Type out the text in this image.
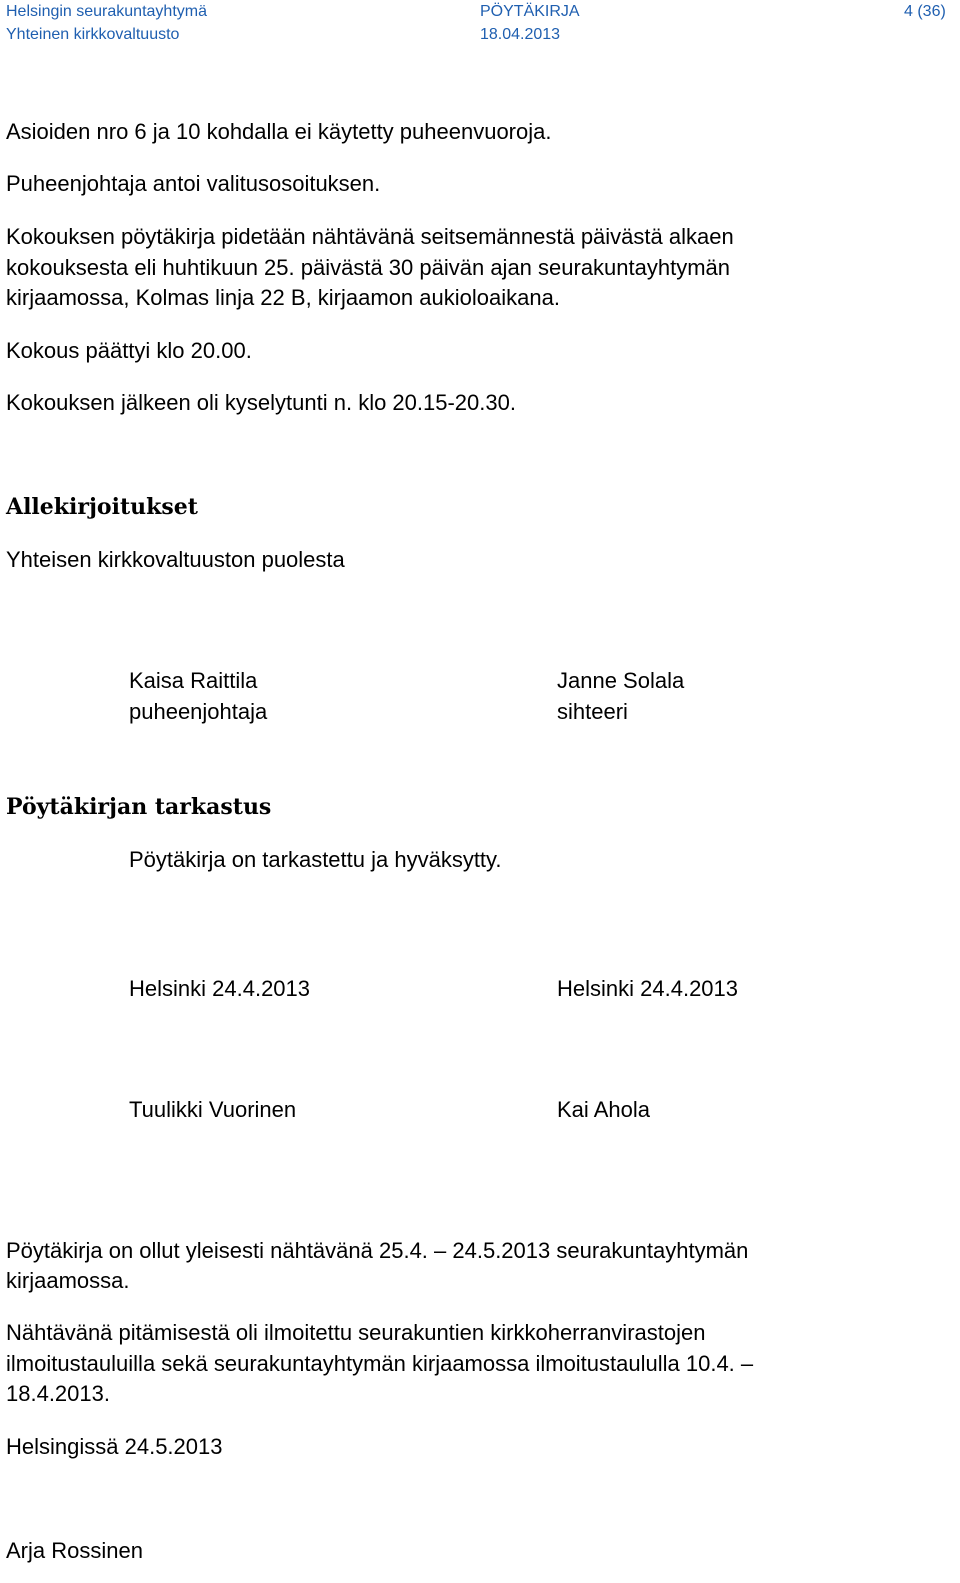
Helsingin seurakuntayhtymä
Yhteinen kirkkovaltuusto
PÖYTÄKIRJA
18.04.2013
4 (36)
Asioiden nro 6 ja 10 kohdalla ei käytetty puheenvuoroja.
Puheenjohtaja antoi valitusosoituksen.
Kokouksen pöytäkirja pidetään nähtävänä seitsemännestä päivästä alkaen
kokouksesta eli huhtikuun 25. päivästä 30 päivän ajan seurakuntayhtymän
kirjaamossa, Kolmas linja 22 B, kirjaamon aukioloaikana.
Kokous päättyi klo 20.00.
Kokouksen jälkeen oli kyselytunti n. klo 20.15-20.30.
Allekirjoitukset
Yhteisen kirkkovaltuuston puolesta
Kaisa Raittila
puheenjohtaja
Janne Solala
sihteeri
Pöytäkirjan tarkastus
Pöytäkirja on tarkastettu ja hyväksytty.
Helsinki 24.4.2013	Helsinki 24.4.2013
Tuulikki Vuorinen	Kai Ahola
Pöytäkirja on ollut yleisesti nähtävänä 25.4. – 24.5.2013 seurakuntayhtymän
kirjaamossa.
Nähtävänä pitämisestä oli ilmoitettu seurakuntien kirkkoherranvirastojen
ilmoitustauluilla sekä seurakuntayhtymän kirjaamossa ilmoitustaululla 10.4. –
18.4.2013.
Helsingissä 24.5.2013
Arja Rossinen
